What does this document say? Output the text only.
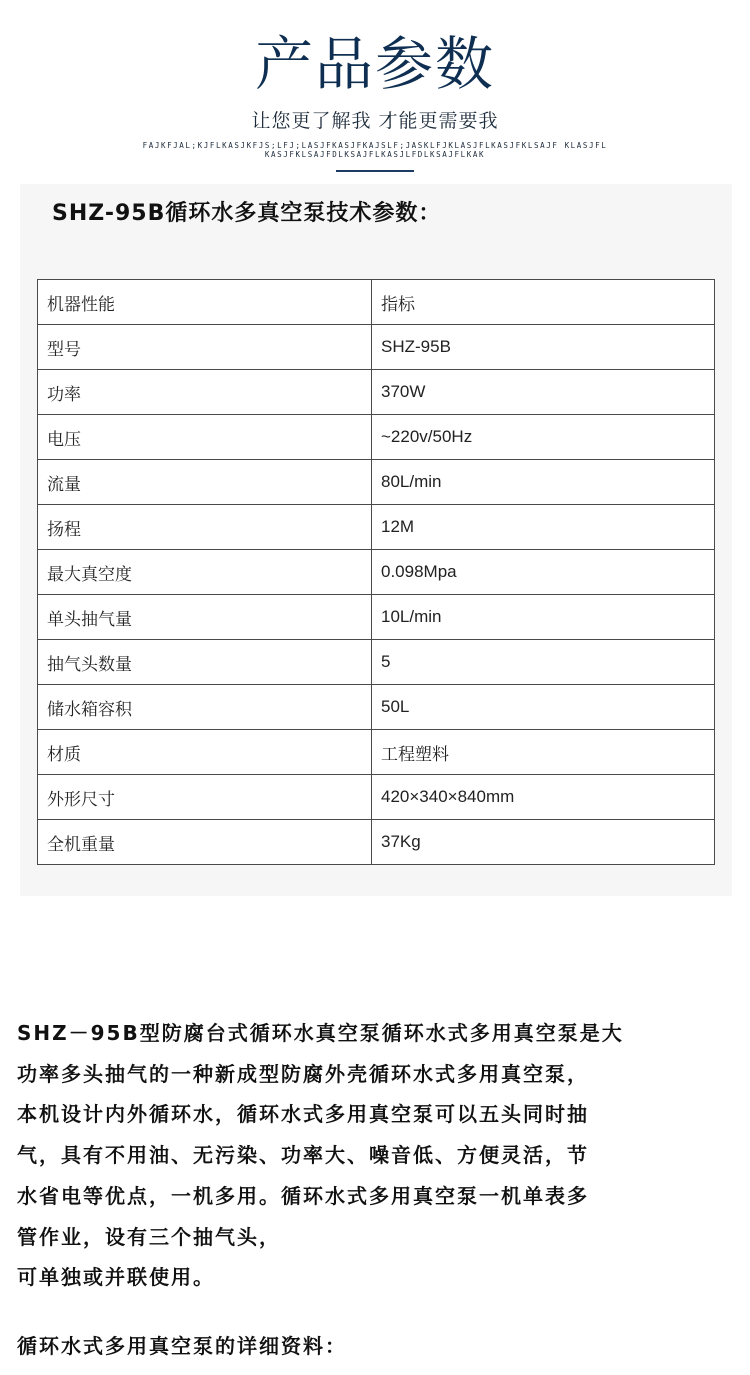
产品参数
让您更了解我 才能更需要我
FAJKFJAL;KJFLKASJKFJS;LFJ;LASJFKASJFKAJSLF;JASKLFJKLASJFLKASJFKLSAJF KLASJFLKASJFKLSAJFDLKSAJFLKASJLFDLKSAJFLKAK
SHZ-95B循环水多真空泵技术参数：
机器性能	指标
型号	SHZ-95B
功率	370W
电压	~220v/50Hz
流量	80L/min
扬程	12M
最大真空度	0.098Mpa
单头抽气量	10L/min
抽气头数量	5
储水箱容积	50L
材质	工程塑料
外形尺寸	420×340×840mm
全机重量	37Kg

SHZ－95B型防腐台式循环水真空泵循环水式多用真空泵是大

功率多头抽气的一种新成型防腐外壳循环水式多用真空泵，

本机设计内外循环水，循环水式多用真空泵可以五头同时抽

气，具有不用油、无污染、功率大、噪音低、方便灵活，节

水省电等优点，一机多用。循环水式多用真空泵一机单表多

管作业，设有三个抽气头，

可单独或并联使用。

循环水式多用真空泵的详细资料：
